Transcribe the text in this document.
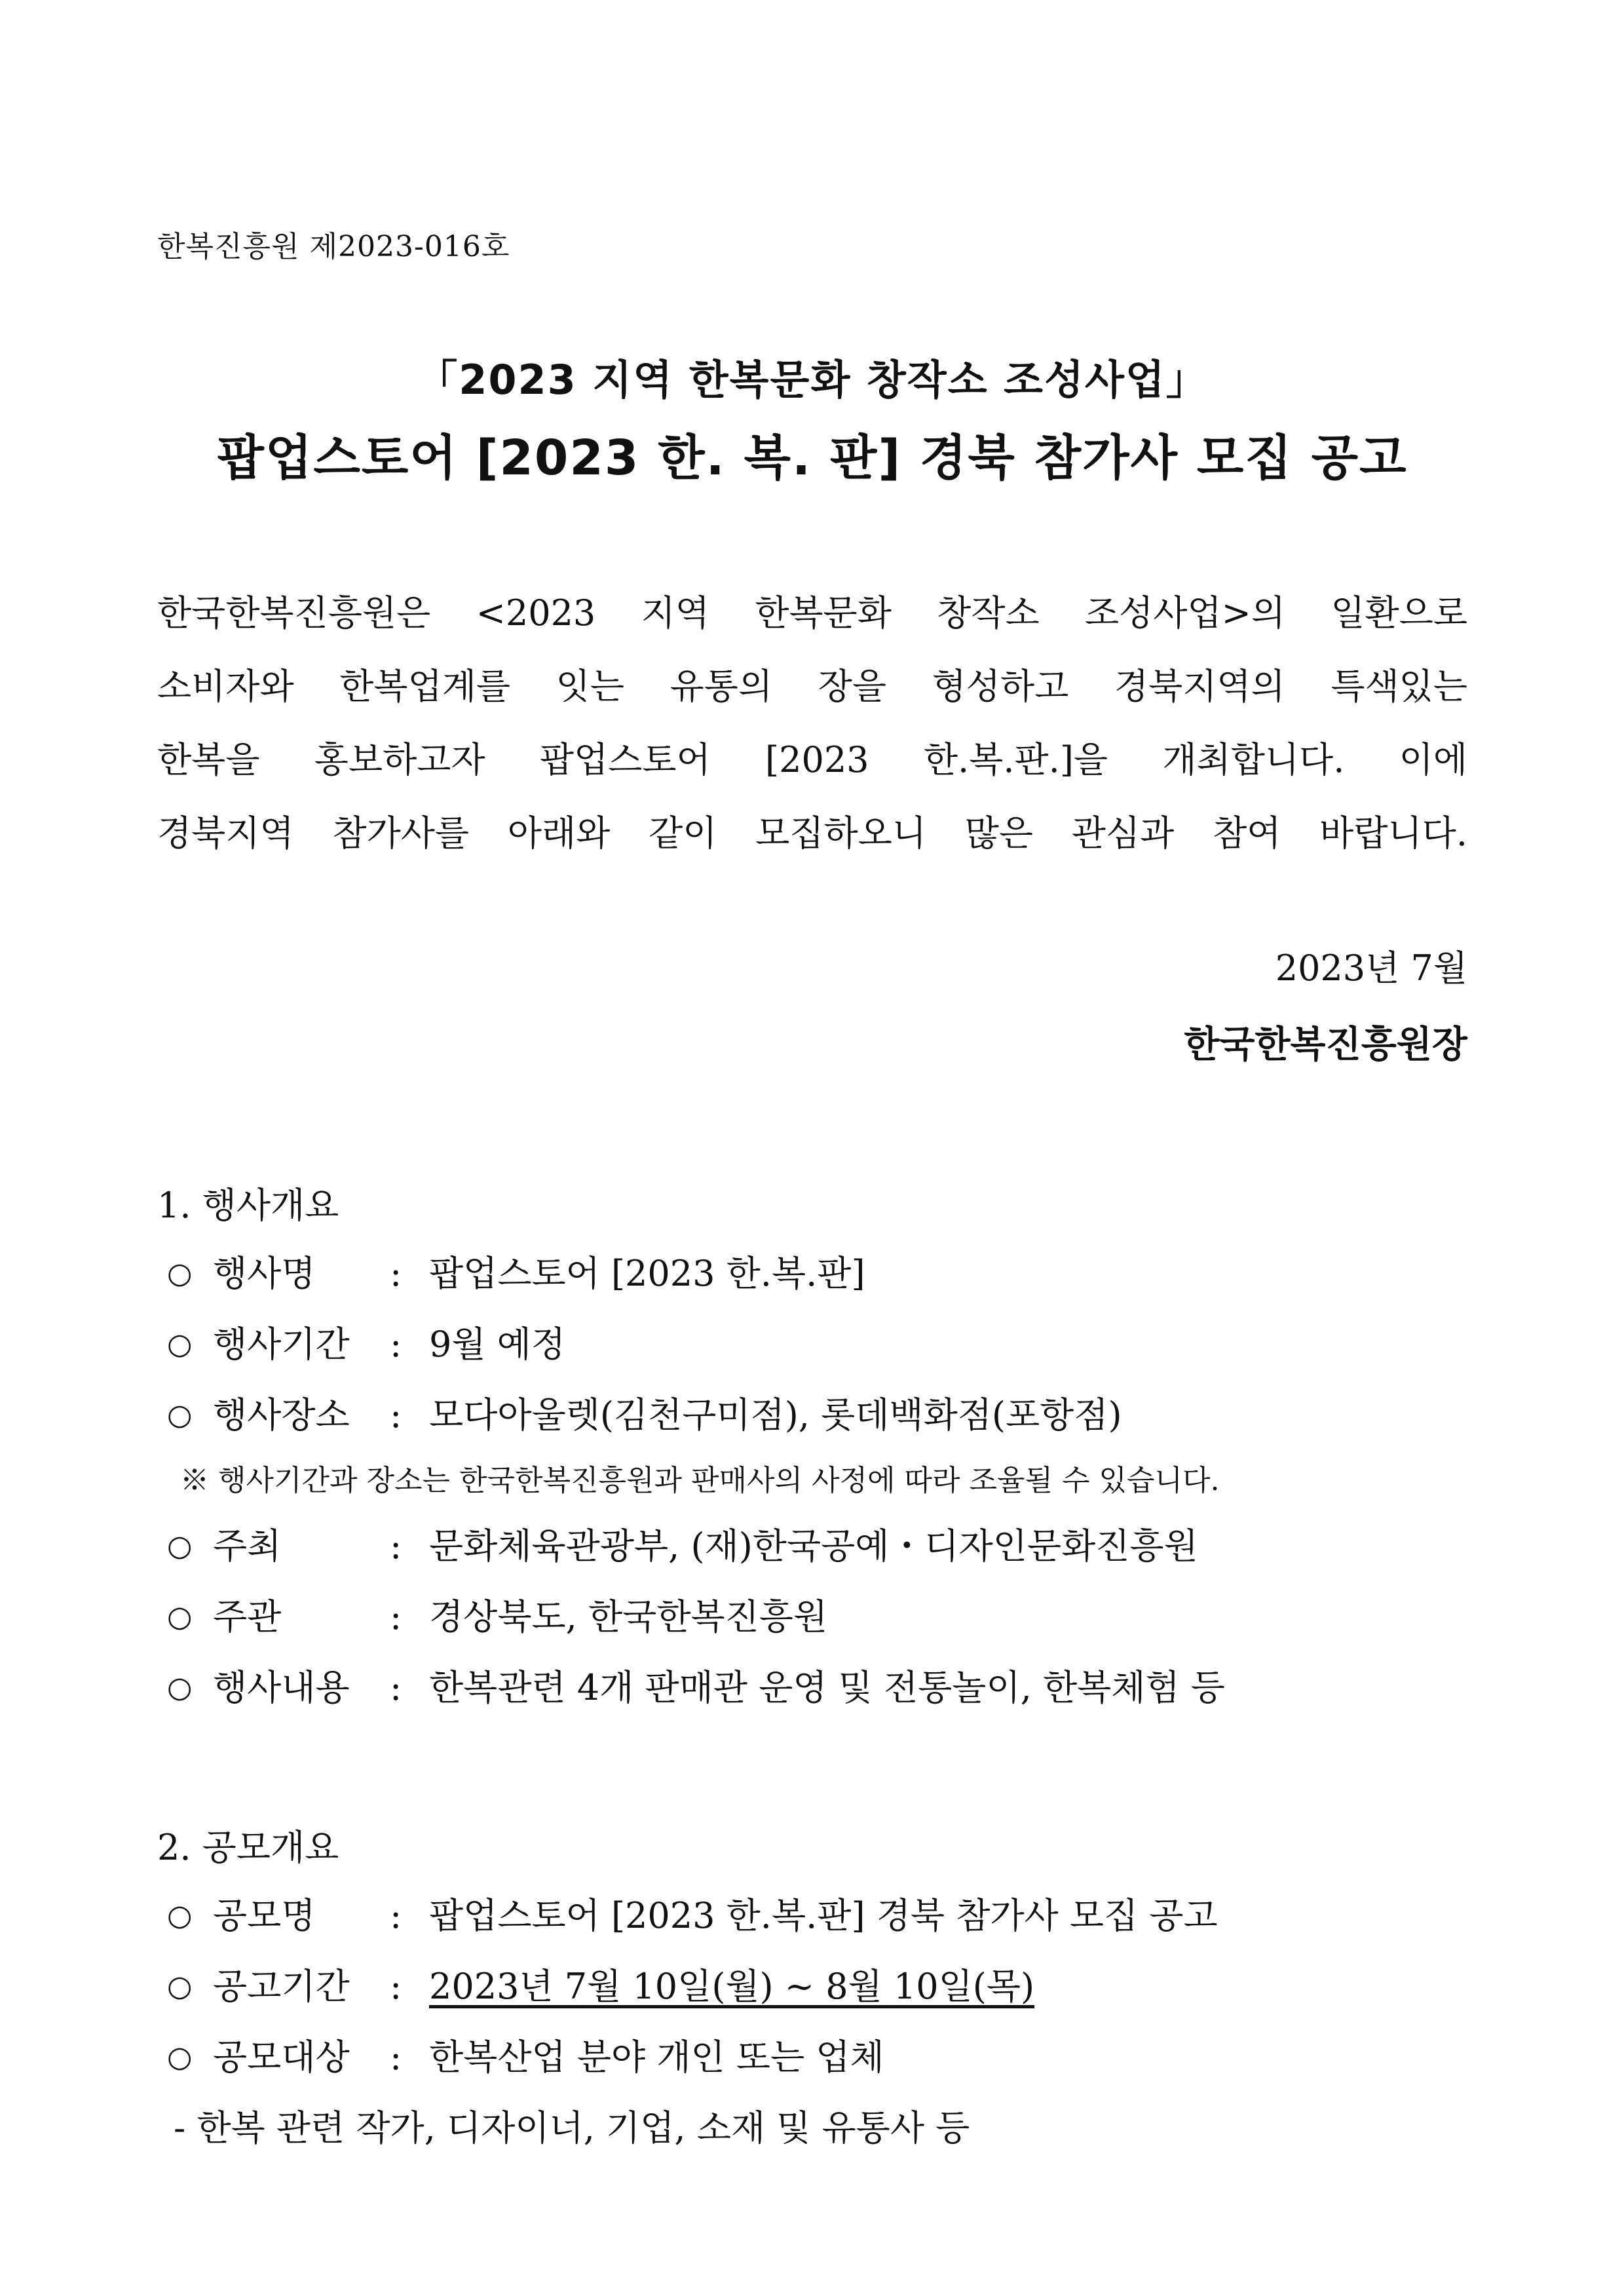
한복진흥원 제2023-016호
「2023 지역 한복문화 창작소 조성사업」
팝업스토어 [2023 한. 복. 판] 경북 참가사 모집 공고
한국한복진흥원은 <2023 지역 한복문화 창작소 조성사업>의 일환으로
소비자와 한복업계를 잇는 유통의 장을 형성하고 경북지역의 특색있는
한복을 홍보하고자 팝업스토어 [2023 한.복.판.]을 개최합니다. 이에
경북지역 참가사를 아래와 같이 모집하오니 많은 관심과 참여 바랍니다.
2023년 7월
한국한복진흥원장
1. 행사개요
○ 행사명	: 팝업스토어 [2023 한.복.판]
○ 행사기간	: 9월 예정
○ 행사장소	: 모다아울렛(김천구미점), 롯데백화점(포항점)
※ 행사기간과 장소는 한국한복진흥원과 판매사의 사정에 따라 조율될 수 있습니다.
○ 주최	: 문화체육관광부, (재)한국공예・디자인문화진흥원
○ 주관	: 경상북도, 한국한복진흥원
○ 행사내용	: 한복관련 4개 판매관 운영 및 전통놀이, 한복체험 등
2. 공모개요
○ 공모명	: 팝업스토어 [2023 한.복.판] 경북 참가사 모집 공고
○ 공고기간	: 2023년 7월 10일(월) ~ 8월 10일(목)
○ 공모대상	: 한복산업 분야 개인 또는 업체
- 한복 관련 작가, 디자이너, 기업, 소재 및 유통사 등
